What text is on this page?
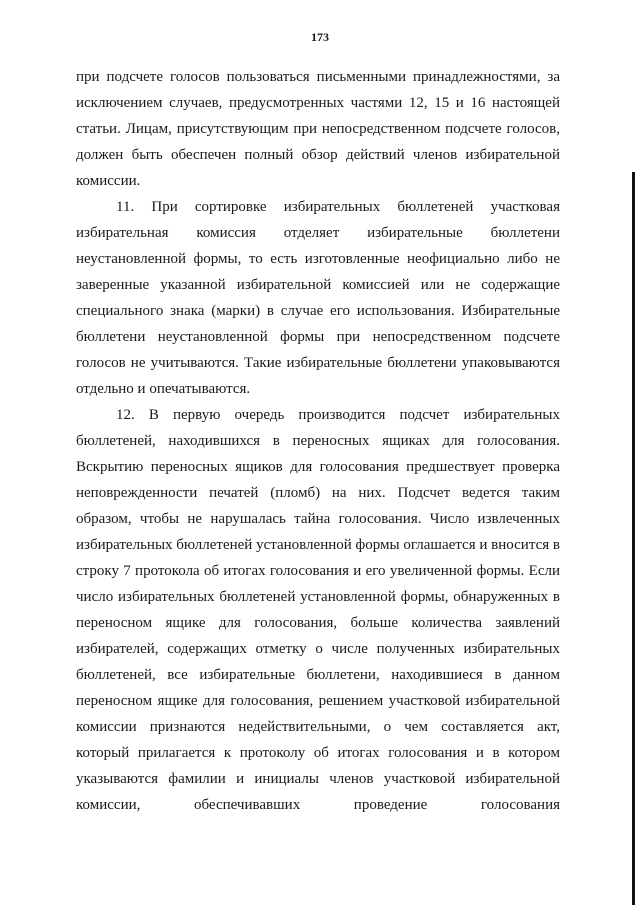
173

при подсчете голосов пользоваться письменными принадлежностями, за исключением случаев, предусмотренных частями 12, 15 и 16 настоящей статьи. Лицам, присутствующим при непосредственном подсчете голосов, должен быть обеспечен полный обзор действий членов избирательной комиссии.

11. При сортировке избирательных бюллетеней участковая избирательная комиссия отделяет избирательные бюллетени неустановленной формы, то есть изготовленные неофициально либо не заверенные указанной избирательной комиссией или не содержащие специального знака (марки) в случае его использования. Избирательные бюллетени неустановленной формы при непосредственном подсчете голосов не учитываются. Такие избирательные бюллетени упаковываются отдельно и опечатываются.

12. В первую очередь производится подсчет избирательных бюллетеней, находившихся в переносных ящиках для голосования. Вскрытию переносных ящиков для голосования предшествует проверка неповрежденности печатей (пломб) на них. Подсчет ведется таким образом, чтобы не нарушалась тайна голосования. Число извлеченных избирательных бюллетеней установленной формы оглашается и вносится в строку 7 протокола об итогах голосования и его увеличенной формы. Если число избирательных бюллетеней установленной формы, обнаруженных в переносном ящике для голосования, больше количества заявлений избирателей, содержащих отметку о числе полученных избирательных бюллетеней, все избирательные бюллетени, находившиеся в данном переносном ящике для голосования, решением участковой избирательной комиссии признаются недействительными, о чем составляется акт, который прилагается к протоколу об итогах голосования и в котором указываются фамилии и инициалы членов участковой избирательной комиссии, обеспечивавших проведение голосования
